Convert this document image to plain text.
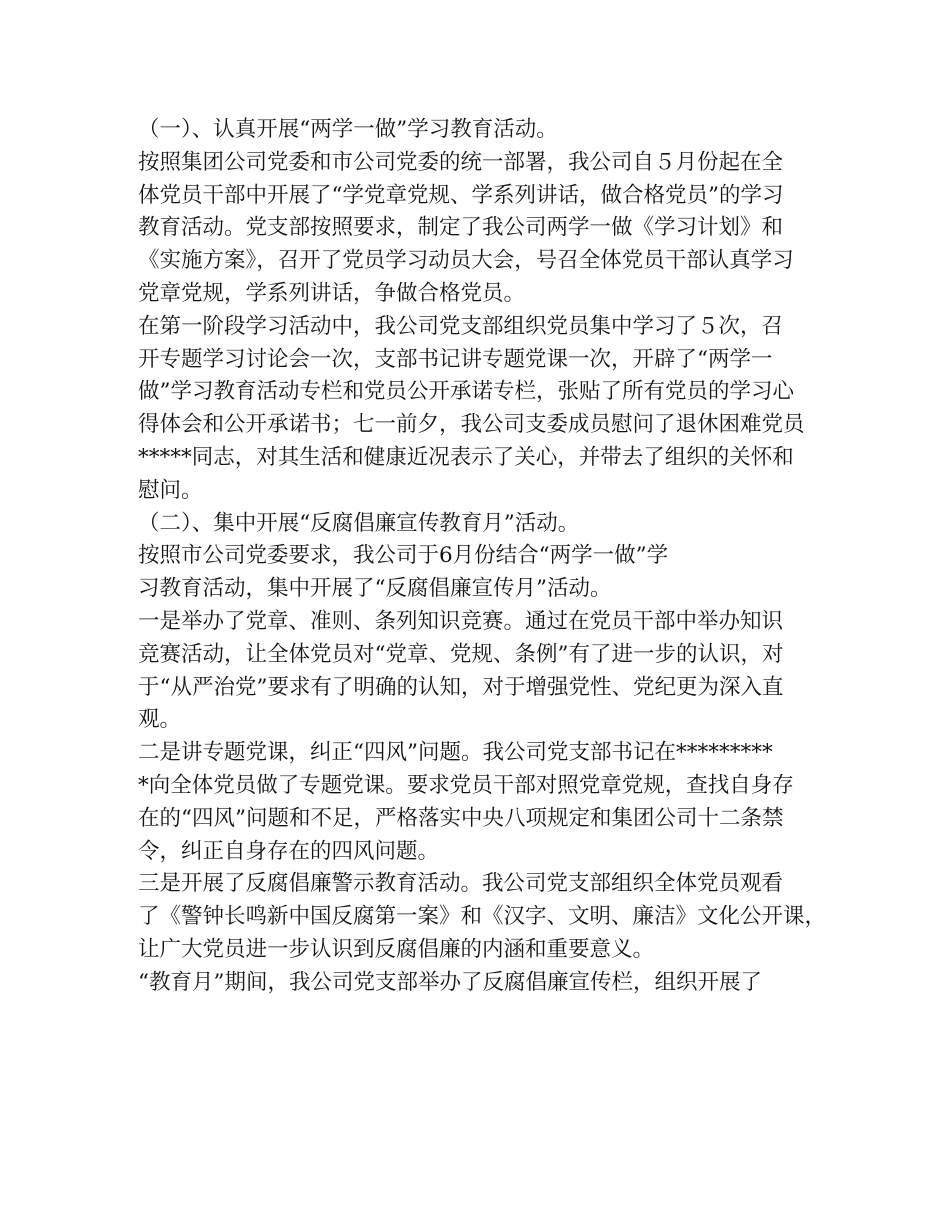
（一）、认真开展“两学一做”学习教育活动。
按照集团公司党委和市公司党委的统一部署，我公司自５月份起在全
体党员干部中开展了“学党章党规、学系列讲话，做合格党员”的学习
教育活动。党支部按照要求，制定了我公司两学一做《学习计划》和
《实施方案》，召开了党员学习动员大会，号召全体党员干部认真学习
党章党规，学系列讲话，争做合格党员。
在第一阶段学习活动中，我公司党支部组织党员集中学习了５次，召
开专题学习讨论会一次，支部书记讲专题党课一次，开辟了“两学一
做”学习教育活动专栏和党员公开承诺专栏，张贴了所有党员的学习心
得体会和公开承诺书；七一前夕，我公司支委成员慰问了退休困难党员
*****同志，对其生活和健康近况表示了关心，并带去了组织的关怀和
慰问。
（二）、集中开展“反腐倡廉宣传教育月”活动。
按照市公司党委要求，我公司于6月份结合“两学一做”学
习教育活动，集中开展了“反腐倡廉宣传月”活动。
一是举办了党章、准则、条列知识竞赛。通过在党员干部中举办知识
竞赛活动，让全体党员对“党章、党规、条例”有了进一步的认识，对
于“从严治党”要求有了明确的认知，对于增强党性、党纪更为深入直
观。
二是讲专题党课，纠正“四风”问题。我公司党支部书记在*********
*向全体党员做了专题党课。要求党员干部对照党章党规，查找自身存
在的“四风”问题和不足，严格落实中央八项规定和集团公司十二条禁
令，纠正自身存在的四风问题。
三是开展了反腐倡廉警示教育活动。我公司党支部组织全体党员观看
了《警钟长鸣新中国反腐第一案》和《汉字、文明、廉洁》文化公开课，
让广大党员进一步认识到反腐倡廉的内涵和重要意义。
“教育月”期间，我公司党支部举办了反腐倡廉宣传栏，组织开展了
